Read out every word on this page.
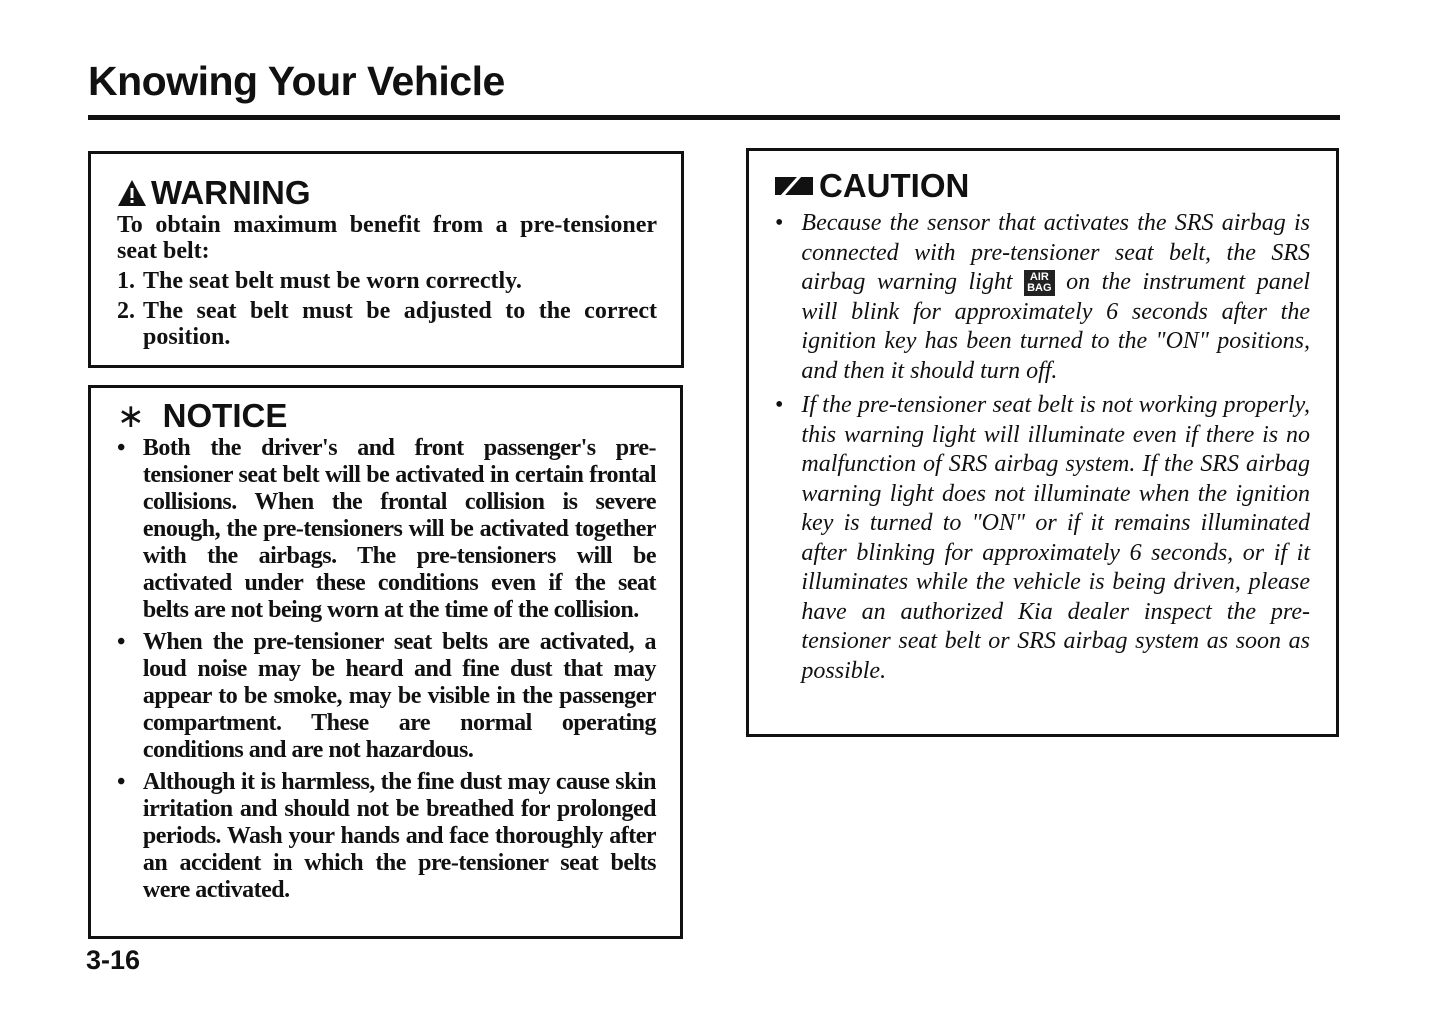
Knowing Your Vehicle
WARNING

To obtain maximum benefit from a pre-tensioner seat belt:

1. The seat belt must be worn correctly.

2. The seat belt must be adjusted to the correct position.

∗ NOTICE
• Both the driver's and front passenger's pre-tensioner seat belt will be activated in certain frontal collisions. When the frontal collision is severe enough, the pre-tensioners will be activated together with the airbags. The pre-tensioners will be activated under these conditions even if the seat belts are not being worn at the time of the collision.
• When the pre-tensioner seat belts are activated, a loud noise may be heard and fine dust that may appear to be smoke, may be visible in the passenger compartment. These are normal operating conditions and are not hazardous.
• Although it is harmless, the fine dust may cause skin irritation and should not be breathed for prolonged periods. Wash your hands and face thoroughly after an accident in which the pre-tensioner seat belts were activated.
CAUTION
• Because the sensor that activates the SRS airbag is connected with pre-tensioner seat belt, the SRS airbag warning light AIR
BAG on the instrument panel will blink for approximately 6 seconds after the ignition key has been turned to the "ON" positions, and then it should turn off.
• If the pre-tensioner seat belt is not working properly, this warning light will illuminate even if there is no malfunction of SRS airbag system. If the SRS airbag warning light does not illuminate when the ignition key is turned to "ON" or if it remains illuminated after blinking for approximately 6 seconds, or if it illuminates while the vehicle is being driven, please have an authorized Kia dealer inspect the pre-tensioner seat belt or SRS airbag system as soon as possible.
3-16
